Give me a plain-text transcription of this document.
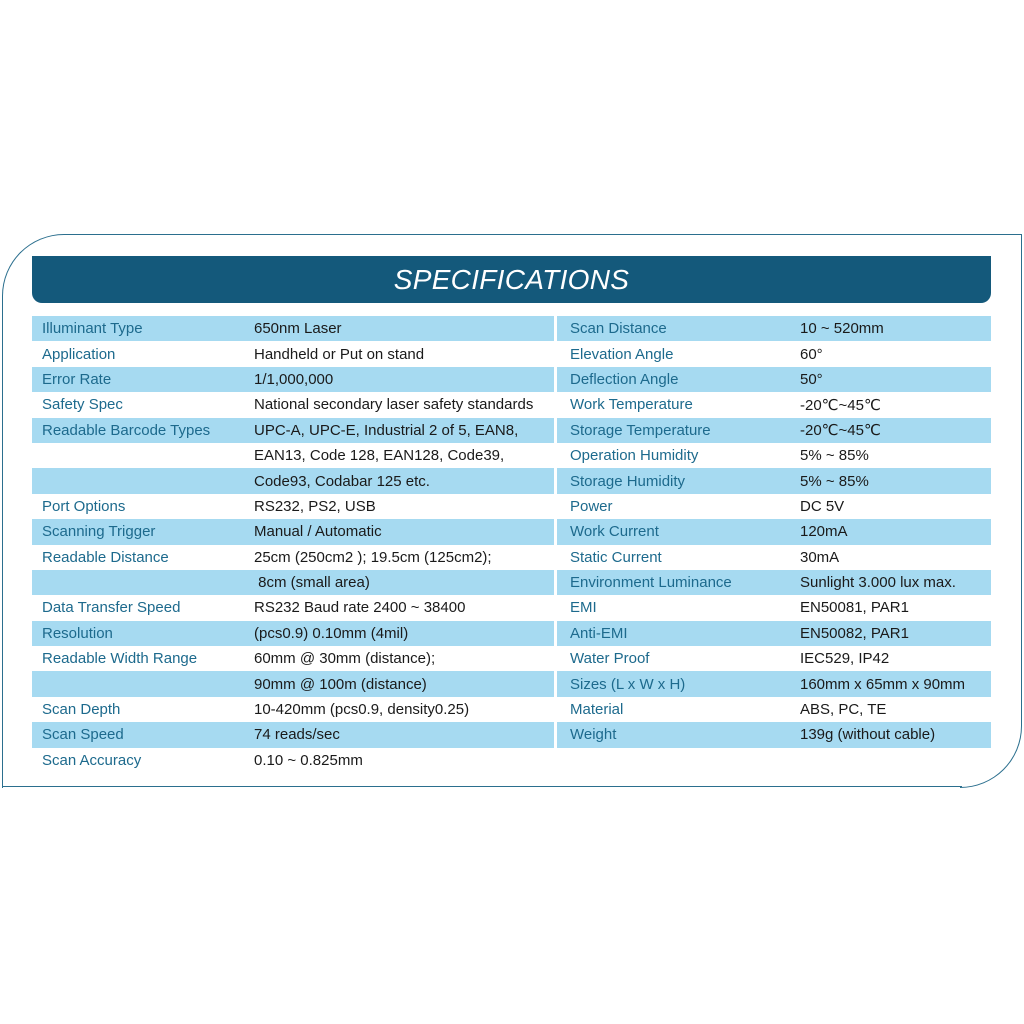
SPECIFICATIONS
Illuminant Type	650nm Laser
Application	Handheld or Put on stand
Error Rate	1/1,000,000
Safety Spec	National secondary laser safety standards
Readable Barcode Types	UPC-A, UPC-E, Industrial 2 of 5, EAN8,
EAN13, Code 128, EAN128, Code39,
Code93, Codabar 125 etc.
Port Options	RS232, PS2, USB
Scanning Trigger	Manual / Automatic
Readable Distance	25cm (250cm2 ); 19.5cm (125cm2);
8cm (small area)
Data Transfer Speed	RS232 Baud rate 2400 ~ 38400
Resolution	(pcs0.9) 0.10mm (4mil)
Readable Width Range	60mm @ 30mm (distance);
90mm @ 100m (distance)
Scan Depth	10-420mm (pcs0.9, density0.25)
Scan Speed	74 reads/sec
Scan Accuracy	0.10 ~ 0.825mm
Scan Distance	10 ~ 520mm
Elevation Angle	60°
Deflection Angle	50°
Work Temperature	-20℃~45℃
Storage Temperature	-20℃~45℃
Operation Humidity	5% ~ 85%
Storage Humidity	5% ~ 85%
Power	DC 5V
Work Current	120mA
Static Current	30mA
Environment Luminance	Sunlight 3.000 lux max.
EMI	EN50081, PAR1
Anti-EMI	EN50082, PAR1
Water Proof	IEC529, IP42
Sizes (L x W x H)	160mm x 65mm x 90mm
Material	ABS, PC, TE
Weight	139g (without cable)
